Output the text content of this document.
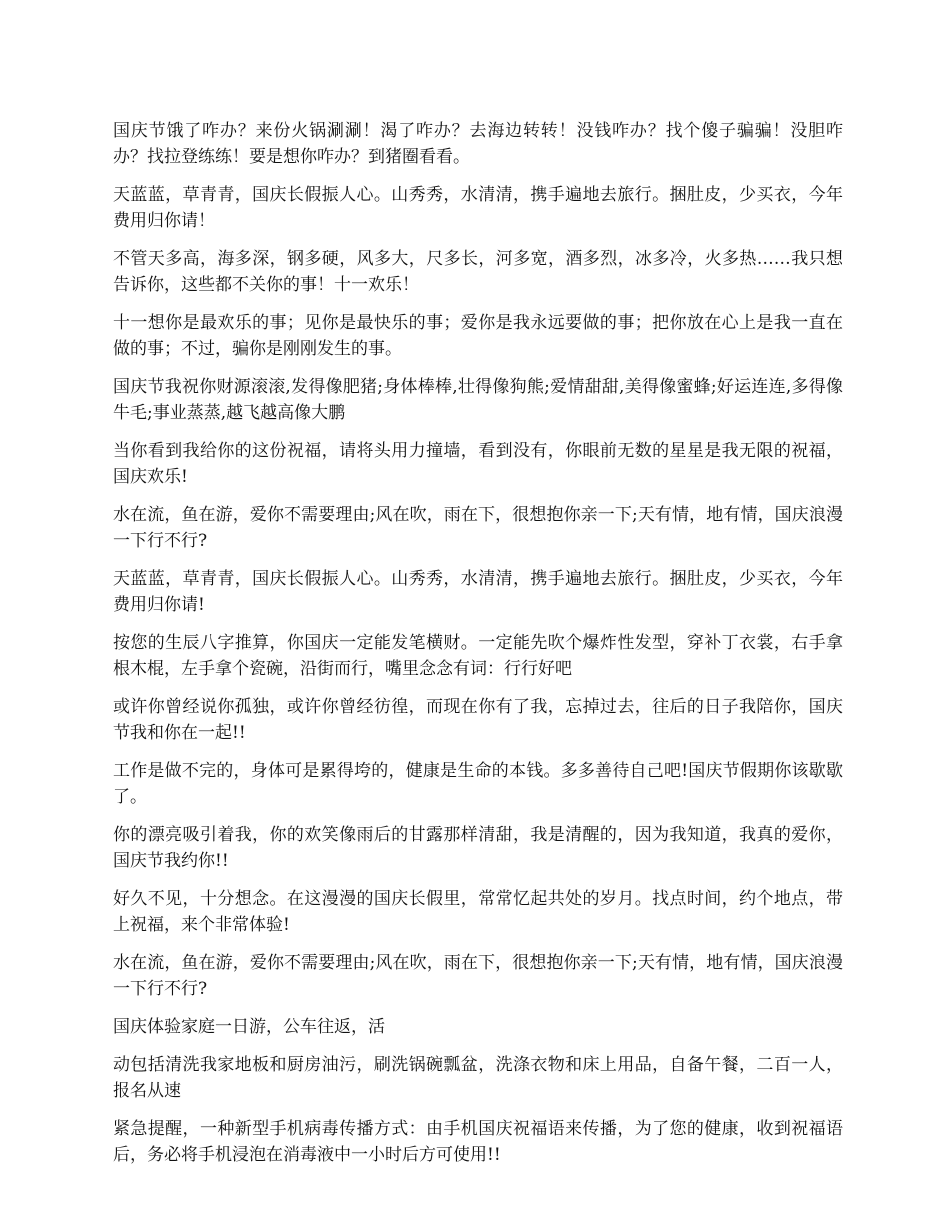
国庆节饿了咋办？来份火锅涮涮！渴了咋办？去海边转转！没钱咋办？找个傻子骗骗！没胆咋办？找拉登练练！要是想你咋办？到猪圈看看。

天蓝蓝，草青青，国庆长假振人心。山秀秀，水清清，携手遍地去旅行。捆肚皮，少买衣，今年费用归你请！

不管天多高，海多深，钢多硬，风多大，尺多长，河多宽，酒多烈，冰多冷，火多热……我只想告诉你，这些都不关你的事！十一欢乐！

十一想你是最欢乐的事；见你是最快乐的事；爱你是我永远要做的事；把你放在心上是我一直在做的事；不过，骗你是刚刚发生的事。

国庆节我祝你财源滚滚,发得像肥猪;身体棒棒,壮得像狗熊;爱情甜甜,美得像蜜蜂;好运连连,多得像牛毛;事业蒸蒸,越飞越高像大鹏

当你看到我给你的这份祝福，请将头用力撞墙，看到没有，你眼前无数的星星是我无限的祝福，国庆欢乐!

水在流，鱼在游，爱你不需要理由;风在吹，雨在下，很想抱你亲一下;天有情，地有情，国庆浪漫一下行不行?

天蓝蓝，草青青，国庆长假振人心。山秀秀，水清清，携手遍地去旅行。捆肚皮，少买衣，今年费用归你请!

按您的生辰八字推算，你国庆一定能发笔横财。一定能先吹个爆炸性发型，穿补丁衣裳，右手拿根木棍，左手拿个瓷碗，沿街而行，嘴里念念有词：行行好吧

或许你曾经说你孤独，或许你曾经彷徨，而现在你有了我，忘掉过去，往后的日子我陪你，国庆节我和你在一起!!

工作是做不完的，身体可是累得垮的，健康是生命的本钱。多多善待自己吧!国庆节假期你该歇歇了。

你的漂亮吸引着我，你的欢笑像雨后的甘露那样清甜，我是清醒的，因为我知道，我真的爱你，国庆节我约你!!

好久不见，十分想念。在这漫漫的国庆长假里，常常忆起共处的岁月。找点时间，约个地点，带上祝福，来个非常体验!

水在流，鱼在游，爱你不需要理由;风在吹，雨在下，很想抱你亲一下;天有情，地有情，国庆浪漫一下行不行?

国庆体验家庭一日游，公车往返，活

动包括清洗我家地板和厨房油污，刷洗锅碗瓢盆，洗涤衣物和床上用品，自备午餐，二百一人，报名从速

紧急提醒，一种新型手机病毒传播方式：由手机国庆祝福语来传播，为了您的健康，收到祝福语后，务必将手机浸泡在消毒液中一小时后方可使用!!
